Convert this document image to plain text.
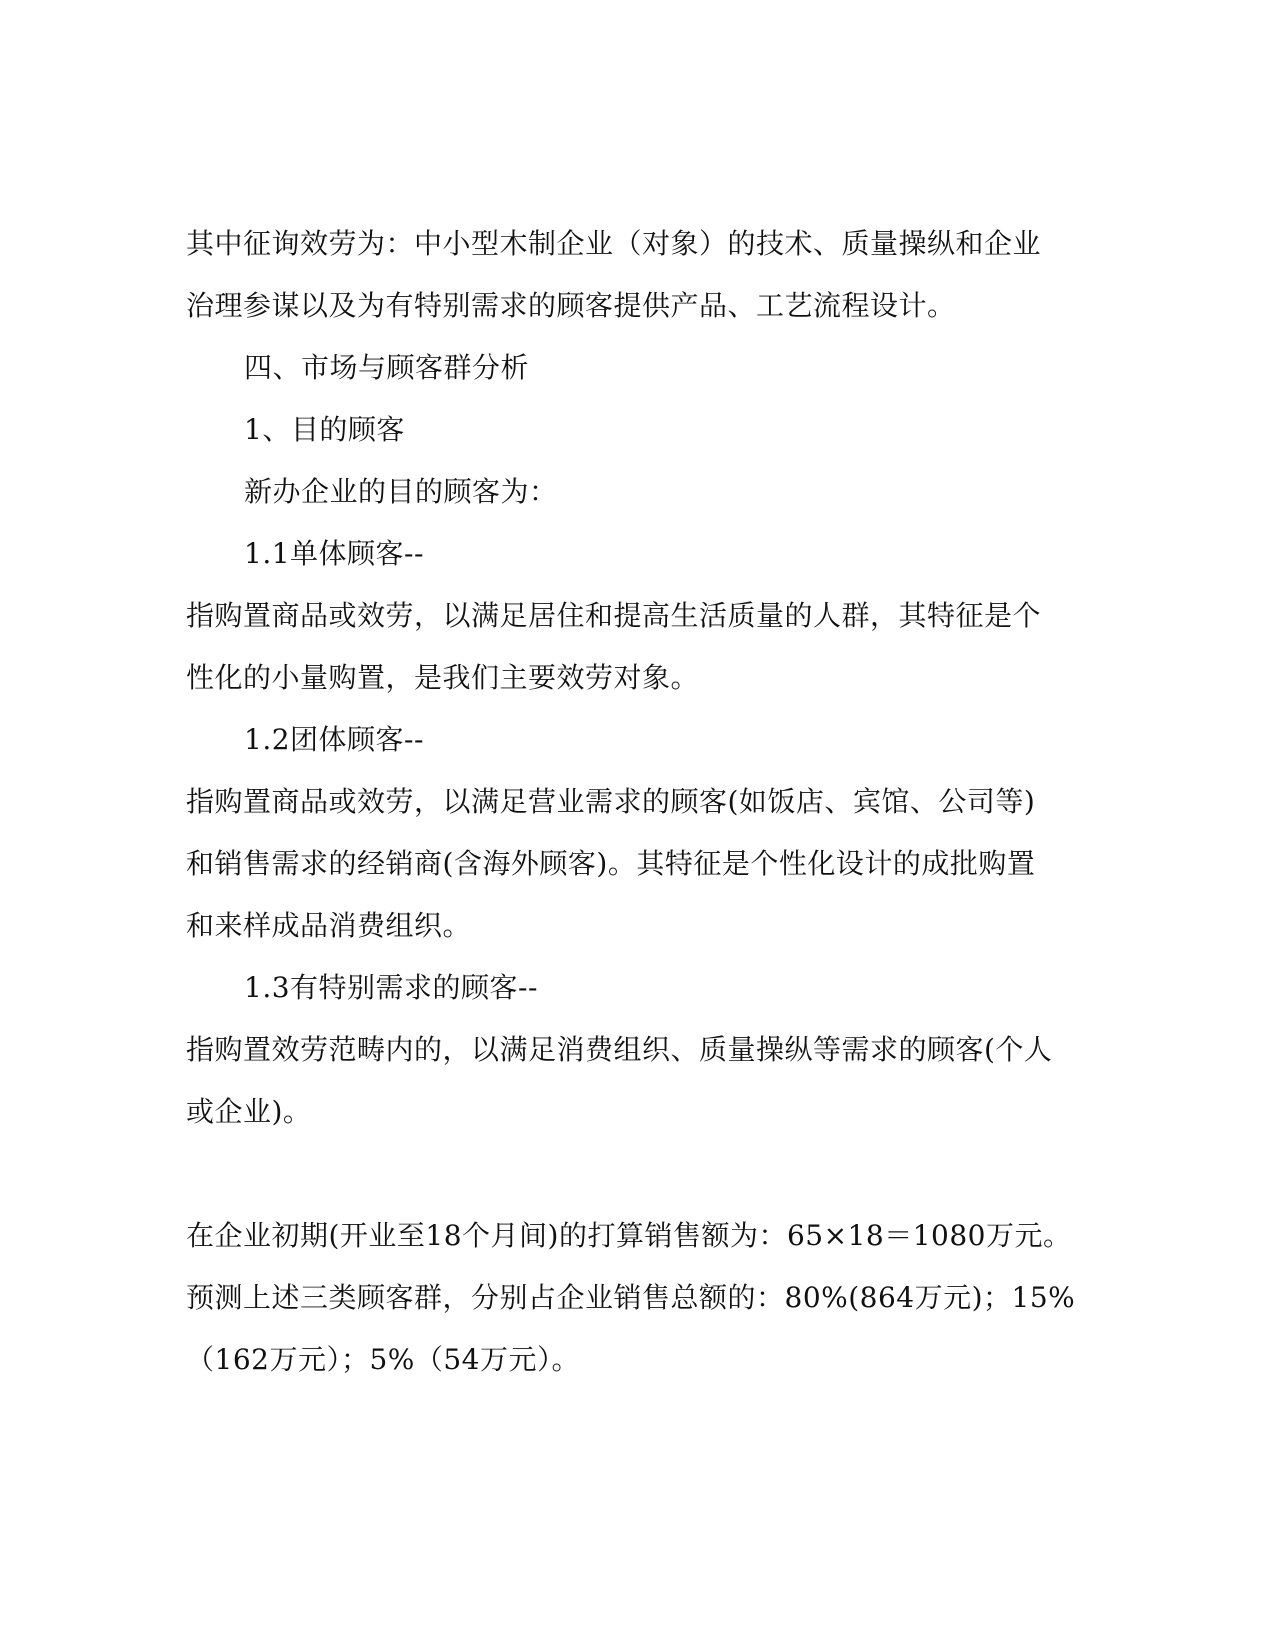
其中征询效劳为：中小型木制企业（对象）的技术、质量操纵和企业
治理参谋以及为有特别需求的顾客提供产品、工艺流程设计。
四、市场与顾客群分析
1、目的顾客
新办企业的目的顾客为：
1.1单体顾客--
指购置商品或效劳，以满足居住和提高生活质量的人群，其特征是个
性化的小量购置，是我们主要效劳对象。
1.2团体顾客--
指购置商品或效劳，以满足营业需求的顾客(如饭店、宾馆、公司等)
和销售需求的经销商(含海外顾客)。其特征是个性化设计的成批购置
和来样成品消费组织。
1.3有特别需求的顾客--
指购置效劳范畴内的，以满足消费组织、质量操纵等需求的顾客(个人
或企业)。
在企业初期(开业至18个月间)的打算销售额为：65×18＝1080万元。
预测上述三类顾客群，分别占企业销售总额的：80%(864万元)；15%
（162万元）；5%（54万元）。
